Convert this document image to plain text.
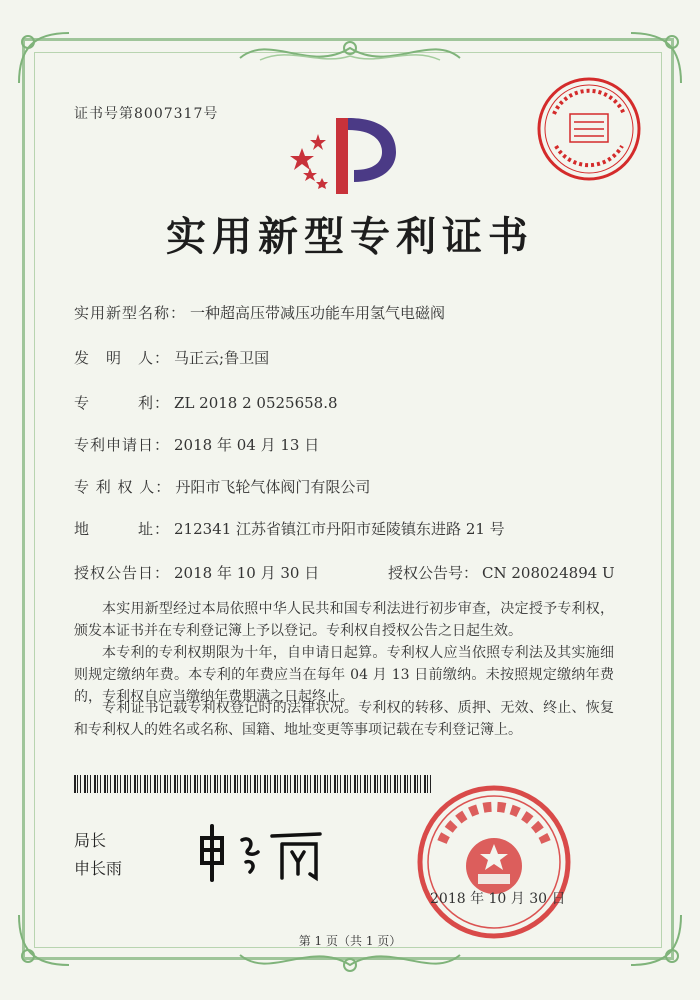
证书号第8007317号
实用新型专利证书
实用新型名称： 一种超高压带减压功能车用氢气电磁阀
发　明　人： 马正云;鲁卫国
专　　　利： ZL 2018 2 0525658.8
专利申请日： 2018 年 04 月 13 日
专 利 权 人： 丹阳市飞轮气体阀门有限公司
地　　　址： 212341 江苏省镇江市丹阳市延陵镇东进路 21 号
授权公告日： 2018 年 10 月 30 日	授权公告号： CN 208024894 U
本实用新型经过本局依照中华人民共和国专利法进行初步审查，决定授予专利权，颁发本证书并在专利登记簿上予以登记。专利权自授权公告之日起生效。
本专利的专利权期限为十年，自申请日起算。专利权人应当依照专利法及其实施细则规定缴纳年费。本专利的年费应当在每年 04 月 13 日前缴纳。未按照规定缴纳年费的，专利权自应当缴纳年费期满之日起终止。
专利证书记载专利权登记时的法律状况。专利权的转移、质押、无效、终止、恢复和专利权人的姓名或名称、国籍、地址变更等事项记载在专利登记簿上。
局长
申长雨
2018 年 10 月 30 日
第 1 页（共 1 页）
